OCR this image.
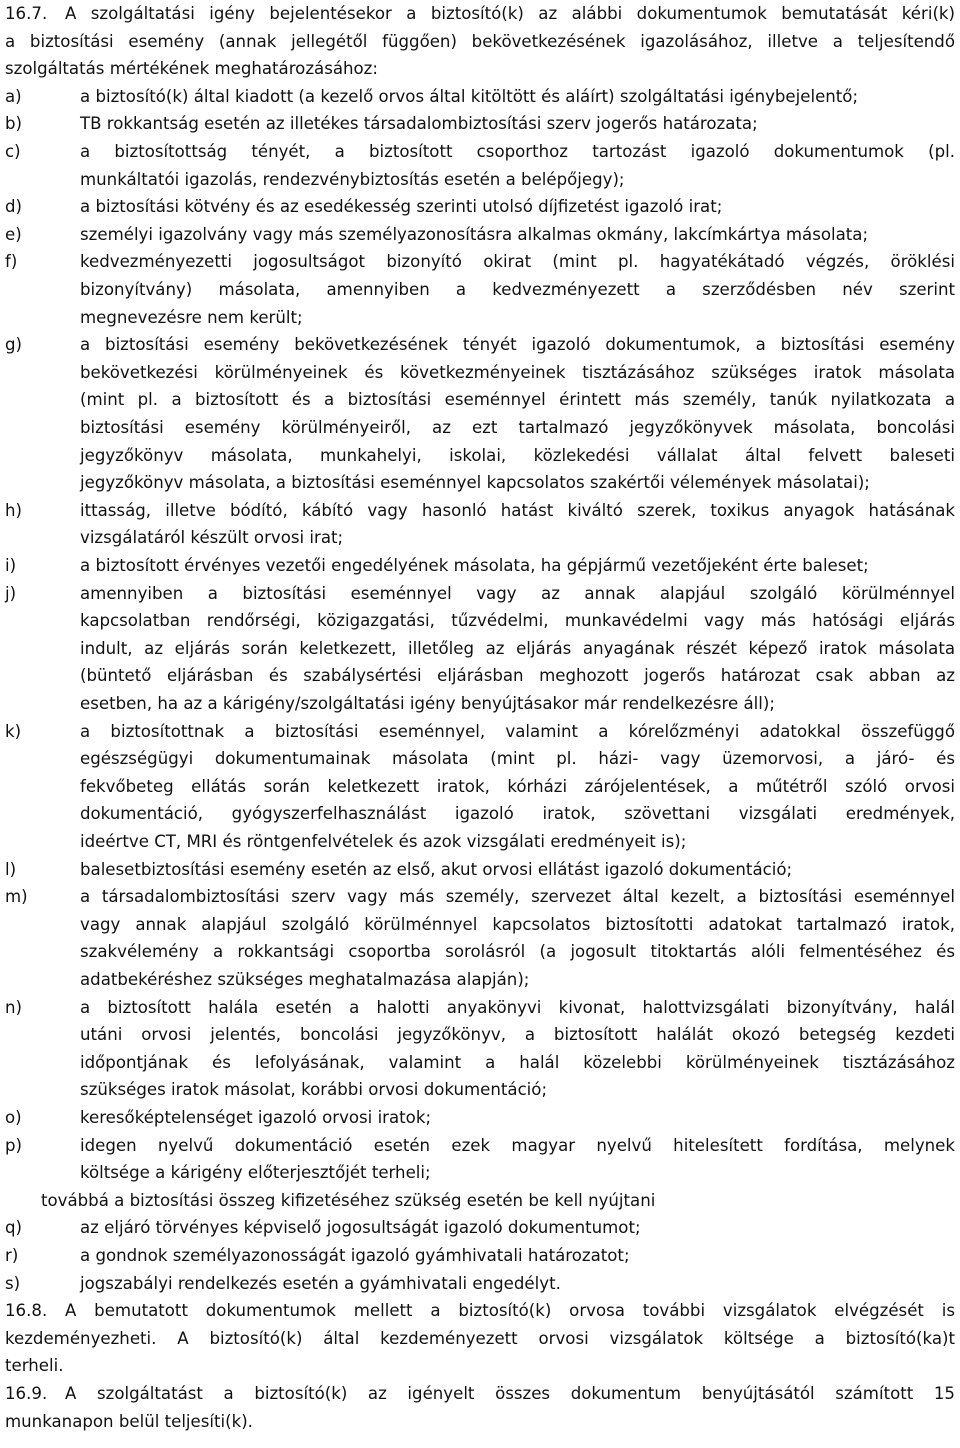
16.7. A szolgáltatási igény bejelentésekor a biztosító(k) az alábbi dokumentumok bemutatását kéri(k)
a biztosítási esemény (annak jellegétől függően) bekövetkezésének igazolásához, illetve a teljesítendő
szolgáltatás mértékének meghatározásához:
a)	a biztosító(k) által kiadott (a kezelő orvos által kitöltött és aláírt) szolgáltatási igénybejelentő;
b)	TB rokkantság esetén az illetékes társadalombiztosítási szerv jogerős határozata;
c)	a biztosítottság tényét, a biztosított csoporthoz tartozást igazoló dokumentumok (pl.
munkáltatói igazolás, rendezvénybiztosítás esetén a belépőjegy);
d)	a biztosítási kötvény és az esedékesség szerinti utolsó díjfizetést igazoló irat;
e)	személyi igazolvány vagy más személyazonosításra alkalmas okmány, lakcímkártya másolata;
f)	kedvezményezetti jogosultságot bizonyító okirat (mint pl. hagyatékátadó végzés, öröklési
bizonyítvány) másolata, amennyiben a kedvezményezett a szerződésben név szerint
megnevezésre nem került;
g)	a biztosítási esemény bekövetkezésének tényét igazoló dokumentumok, a biztosítási esemény
bekövetkezési körülményeinek és következményeinek tisztázásához szükséges iratok másolata
(mint pl. a biztosított és a biztosítási eseménnyel érintett más személy, tanúk nyilatkozata a
biztosítási esemény körülményeiről, az ezt tartalmazó jegyzőkönyvek másolata, boncolási
jegyzőkönyv másolata, munkahelyi, iskolai, közlekedési vállalat által felvett baleseti
jegyzőkönyv másolata, a biztosítási eseménnyel kapcsolatos szakértői vélemények másolatai);
h)	ittasság, illetve bódító, kábító vagy hasonló hatást kiváltó szerek, toxikus anyagok hatásának
vizsgálatáról készült orvosi irat;
i)	a biztosított érvényes vezetői engedélyének másolata, ha gépjármű vezetőjeként érte baleset;
j)	amennyiben a biztosítási eseménnyel vagy az annak alapjául szolgáló körülménnyel
kapcsolatban rendőrségi, közigazgatási, tűzvédelmi, munkavédelmi vagy más hatósági eljárás
indult, az eljárás során keletkezett, illetőleg az eljárás anyagának részét képező iratok másolata
(büntető eljárásban és szabálysértési eljárásban meghozott jogerős határozat csak abban az
esetben, ha az a kárigény/szolgáltatási igény benyújtásakor már rendelkezésre áll);
k)	a biztosítottnak a biztosítási eseménnyel, valamint a kórelőzményi adatokkal összefüggő
egészségügyi dokumentumainak másolata (mint pl. házi- vagy üzemorvosi, a járó- és
fekvőbeteg ellátás során keletkezett iratok, kórházi zárójelentések, a műtétről szóló orvosi
dokumentáció, gyógyszerfelhasználást igazoló iratok, szövettani vizsgálati eredmények,
ideértve CT, MRI és röntgenfelvételek és azok vizsgálati eredményeit is);
l)	balesetbiztosítási esemény esetén az első, akut orvosi ellátást igazoló dokumentáció;
m)	a társadalombiztosítási szerv vagy más személy, szervezet által kezelt, a biztosítási eseménnyel
vagy annak alapjául szolgáló körülménnyel kapcsolatos biztosítotti adatokat tartalmazó iratok,
szakvélemény a rokkantsági csoportba sorolásról (a jogosult titoktartás alóli felmentéséhez és
adatbekéréshez szükséges meghatalmazása alapján);
n)	a biztosított halála esetén a halotti anyakönyvi kivonat, halottvizsgálati bizonyítvány, halál
utáni orvosi jelentés, boncolási jegyzőkönyv, a biztosított halálát okozó betegség kezdeti
időpontjának és lefolyásának, valamint a halál közelebbi körülményeinek tisztázásához
szükséges iratok másolat, korábbi orvosi dokumentáció;
o)	keresőképtelenséget igazoló orvosi iratok;
p)	idegen nyelvű dokumentáció esetén ezek magyar nyelvű hitelesített fordítása, melynek
költsége a kárigény előterjesztőjét terheli;
továbbá a biztosítási összeg kifizetéséhez szükség esetén be kell nyújtani
q)	az eljáró törvényes képviselő jogosultságát igazoló dokumentumot;
r)	a gondnok személyazonosságát igazoló gyámhivatali határozatot;
s)	jogszabályi rendelkezés esetén a gyámhivatali engedélyt.
16.8. A bemutatott dokumentumok mellett a biztosító(k) orvosa további vizsgálatok elvégzését is
kezdeményezheti. A biztosító(k) által kezdeményezett orvosi vizsgálatok költsége a biztosító(ka)t
terheli.
16.9. A szolgáltatást a biztosító(k) az igényelt összes dokumentum benyújtásától számított 15
munkanapon belül teljesíti(k).
